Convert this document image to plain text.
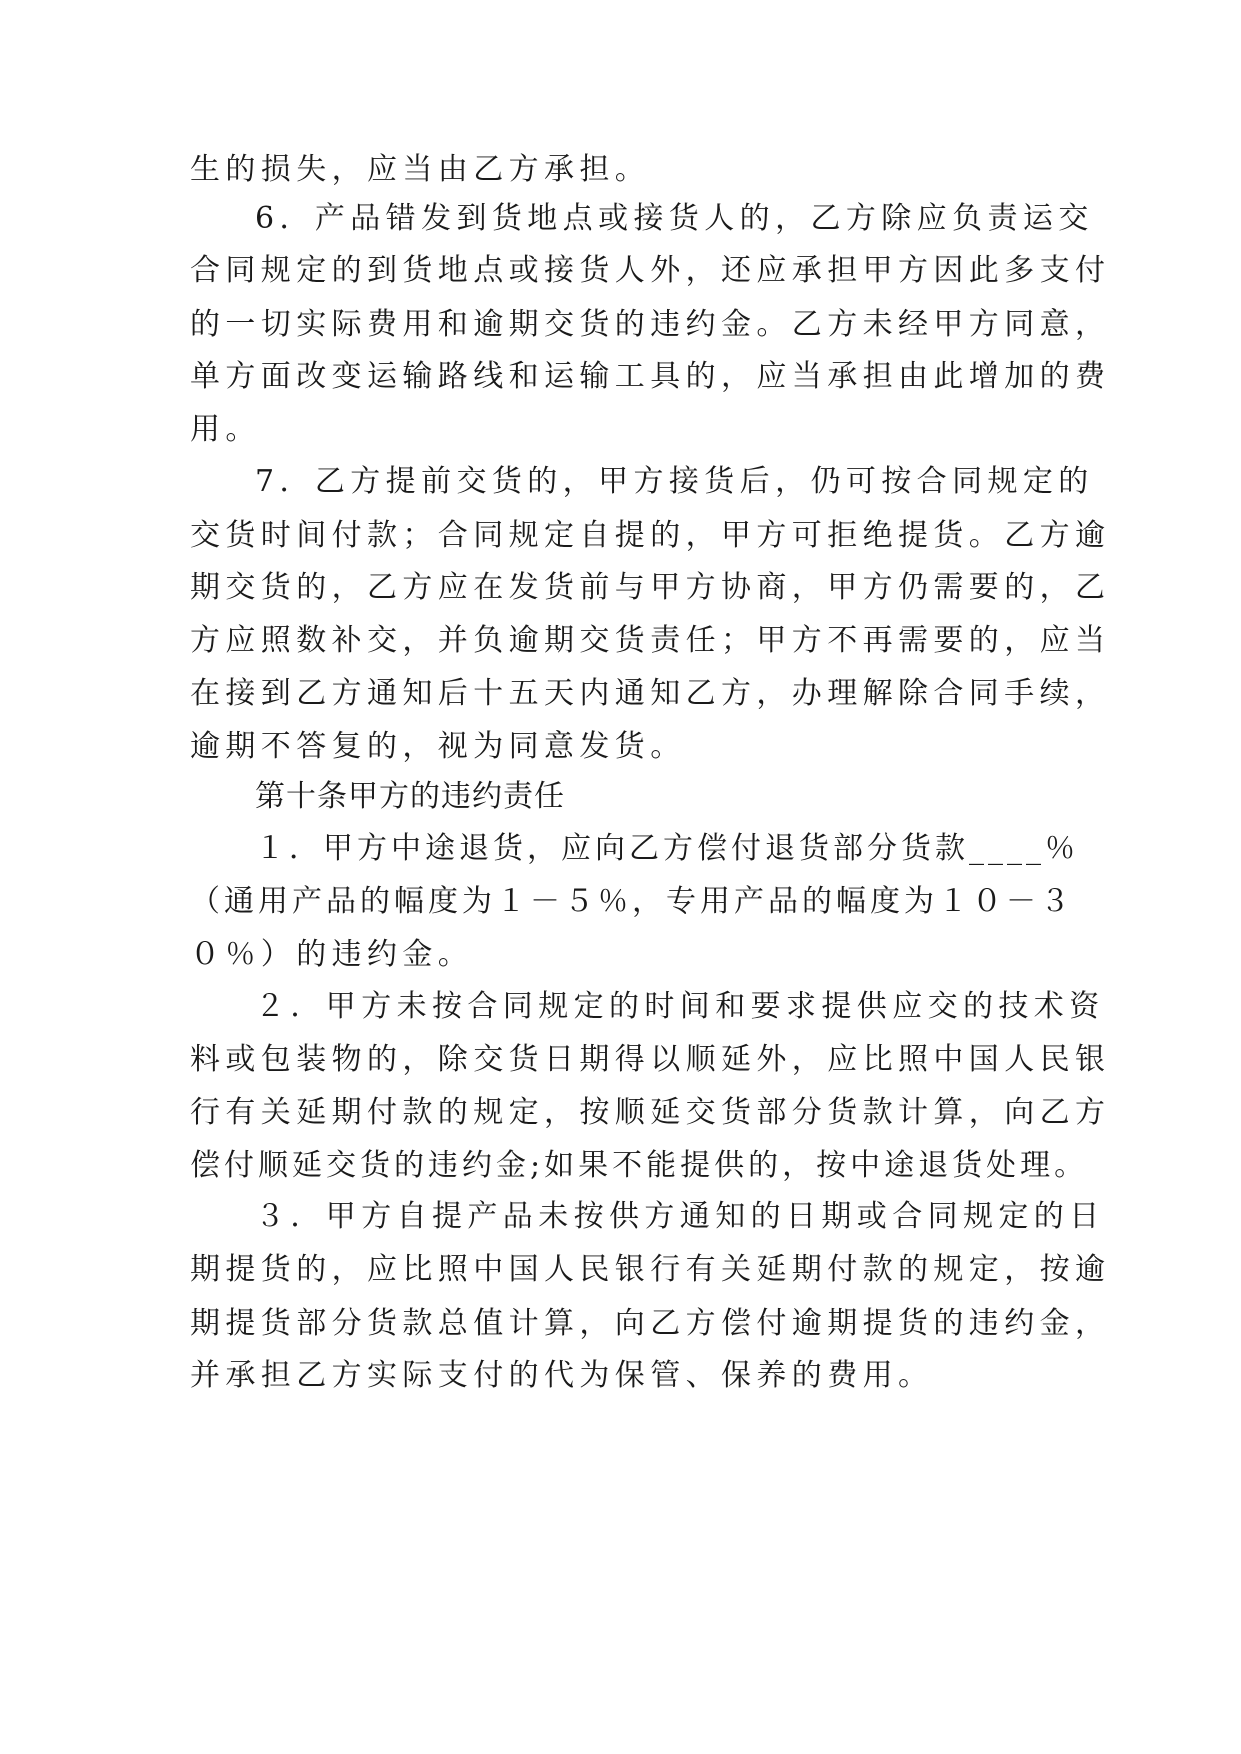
生的损失，应当由乙方承担。
6．产品错发到货地点或接货人的，乙方除应负责运交
合同规定的到货地点或接货人外，还应承担甲方因此多支付
的一切实际费用和逾期交货的违约金。乙方未经甲方同意，
单方面改变运输路线和运输工具的，应当承担由此增加的费
用。
7．乙方提前交货的，甲方接货后，仍可按合同规定的
交货时间付款；合同规定自提的，甲方可拒绝提货。乙方逾
期交货的，乙方应在发货前与甲方协商，甲方仍需要的，乙
方应照数补交，并负逾期交货责任；甲方不再需要的，应当
在接到乙方通知后十五天内通知乙方，办理解除合同手续，
逾期不答复的，视为同意发货。
第十条甲方的违约责任
１．甲方中途退货，应向乙方偿付退货部分货款____％
（通用产品的幅度为１－５％，专用产品的幅度为１０－３
０％）的违约金。
２．甲方未按合同规定的时间和要求提供应交的技术资
料或包装物的，除交货日期得以顺延外，应比照中国人民银
行有关延期付款的规定，按顺延交货部分货款计算，向乙方
偿付顺延交货的违约金;如果不能提供的，按中途退货处理。
３．甲方自提产品未按供方通知的日期或合同规定的日
期提货的，应比照中国人民银行有关延期付款的规定，按逾
期提货部分货款总值计算，向乙方偿付逾期提货的违约金，
并承担乙方实际支付的代为保管、保养的费用。
